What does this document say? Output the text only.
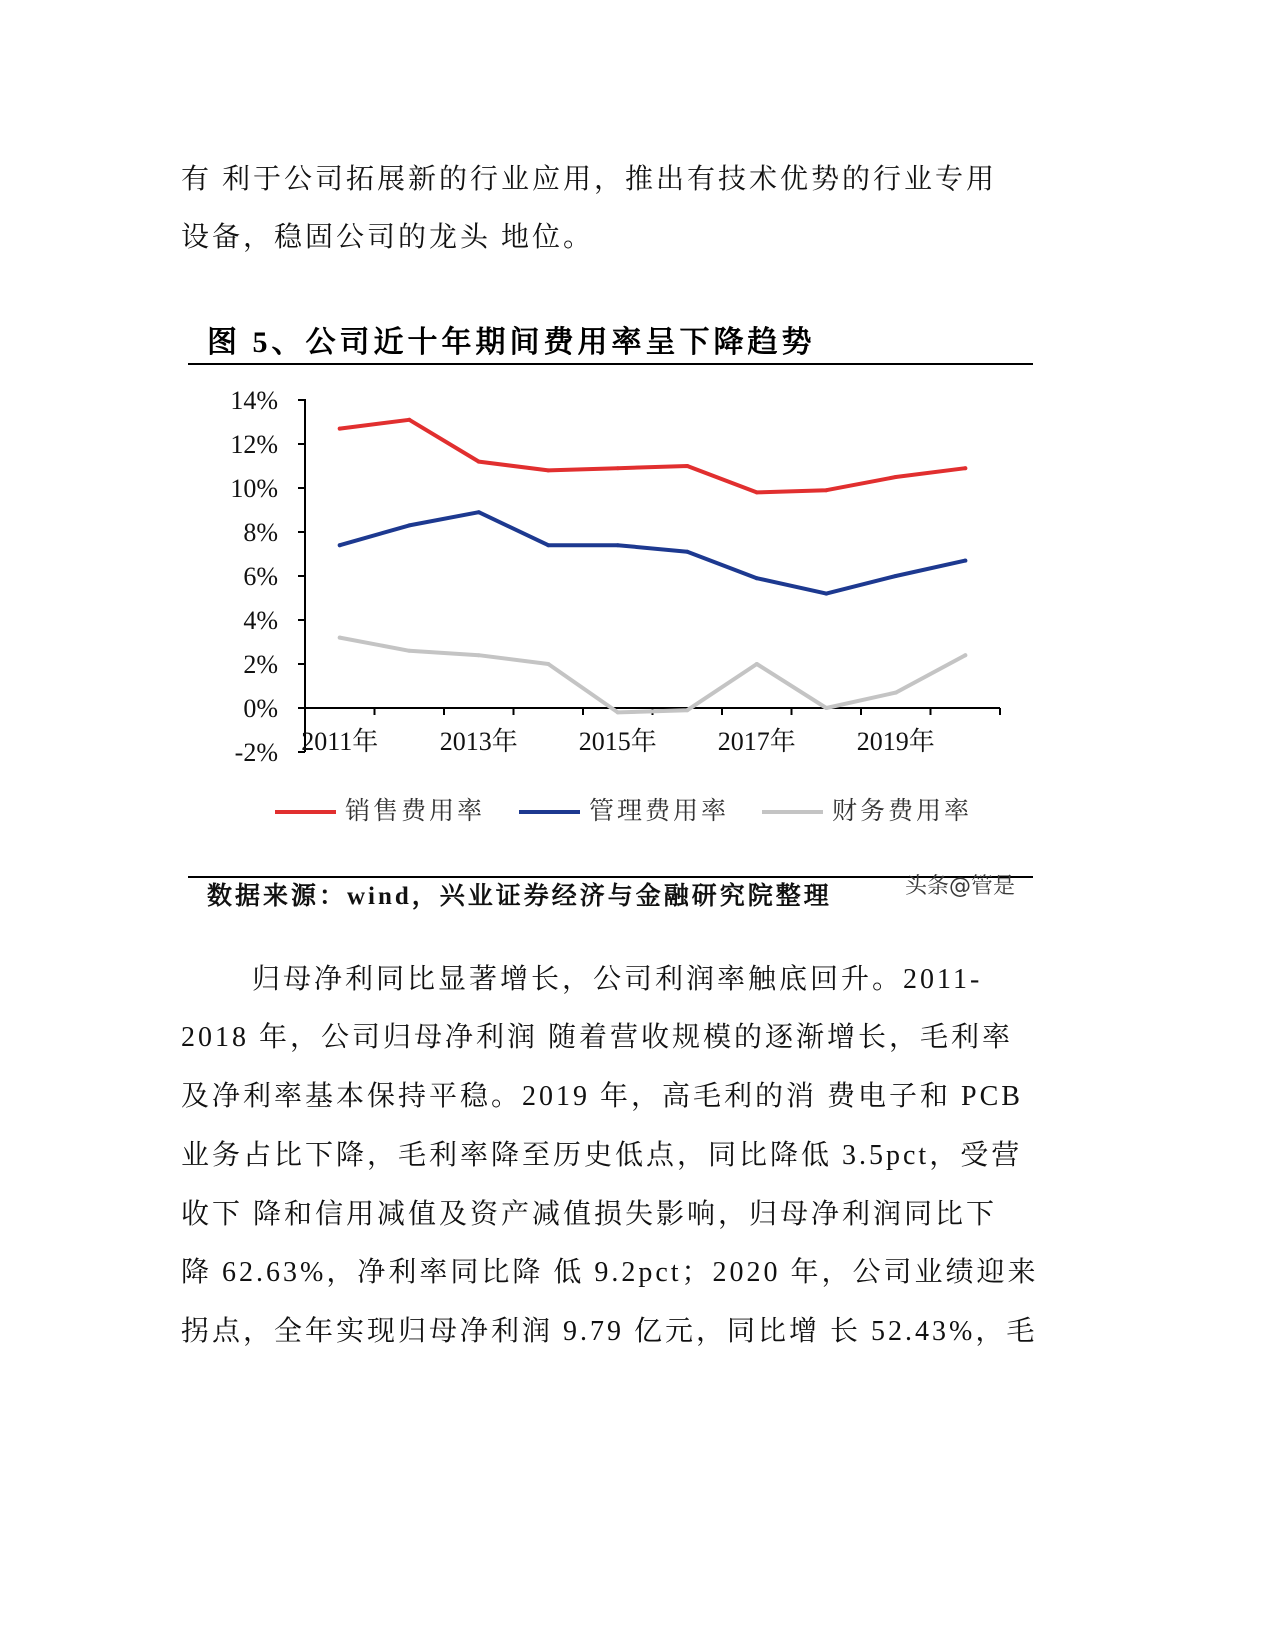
有 利于公司拓展新的行业应用，推出有技术优势的行业专用
设备，稳固公司的龙头 地位。
图 5、公司近十年期间费用率呈下降趋势
14%
12%
10%
8%
6%
4%
2%
0%
-2% 2011年 2013年 2015年 2017年 2019年
销售费用率	管理费用率	财务费用率
数据来源：wind，兴业证券经济与金融研究院整理	头条@管是
归母净利同比显著增长，公司利润率触底回升。2011-
2018 年，公司归母净利润 随着营收规模的逐渐增长，毛利率
及净利率基本保持平稳。2019 年，高毛利的消 费电子和 PCB
业务占比下降，毛利率降至历史低点，同比降低 3.5pct，受营
收下 降和信用减值及资产减值损失影响，归母净利润同比下
降 62.63%，净利率同比降 低 9.2pct；2020 年，公司业绩迎来
拐点，全年实现归母净利润 9.79 亿元，同比增 长 52.43%，毛
